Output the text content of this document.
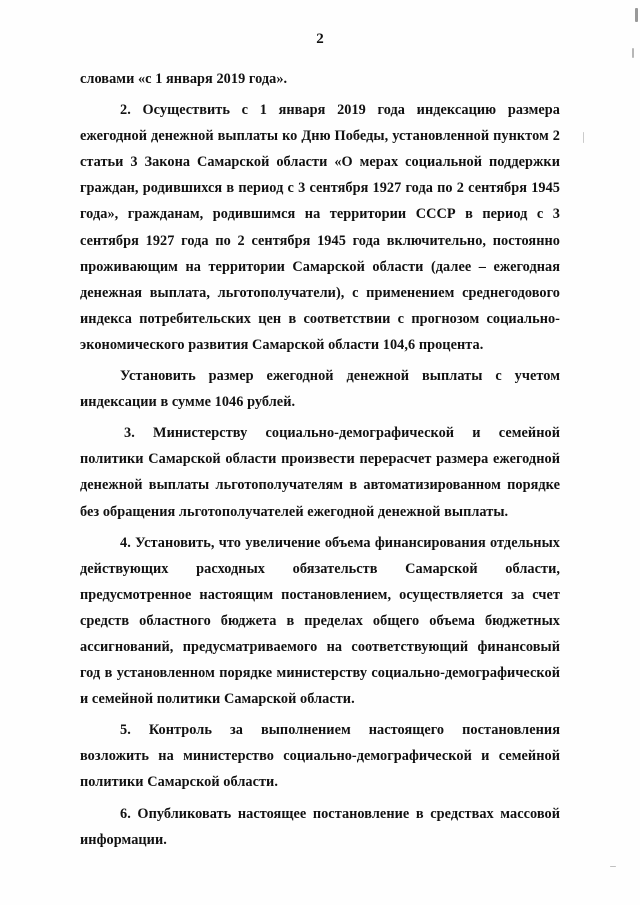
2

словами «с 1 января 2019 года».

2. Осуществить с 1 января 2019 года индексацию размера ежегодной денежной выплаты ко Дню Победы, установленной пунктом 2 статьи 3 Закона Самарской области «О мерах социальной поддержки граждан, родившихся в период с 3 сентября 1927 года по 2 сентября 1945 года», гражданам, родившимся на территории СССР в период с 3 сентября 1927 года по 2 сентября 1945 года включительно, постоянно проживающим на территории Самарской области (далее – ежегодная денежная выплата, льготополучатели), с применением среднегодового индекса потребительских цен в соответствии с прогнозом социально-экономического развития Самарской области 104,6 процента.

Установить размер ежегодной денежной выплаты с учетом индексации в сумме 1046 рублей.

3. Министерству социально-демографической и семейной политики Самарской области произвести перерасчет размера ежегодной денежной выплаты льготополучателям в автоматизированном порядке без обращения льготополучателей ежегодной денежной выплаты.

4. Установить, что увеличение объема финансирования отдельных действующих расходных обязательств Самарской области, предусмотренное настоящим постановлением, осуществляется за счет средств областного бюджета в пределах общего объема бюджетных ассигнований, предусматриваемого на соответствующий финансовый год в установленном порядке министерству социально-демографической и семейной политики Самарской области.

5. Контроль за выполнением настоящего постановления возложить на министерство социально-демографической и семейной политики Самарской области.

6. Опубликовать настоящее постановление в средствах массовой информации.
